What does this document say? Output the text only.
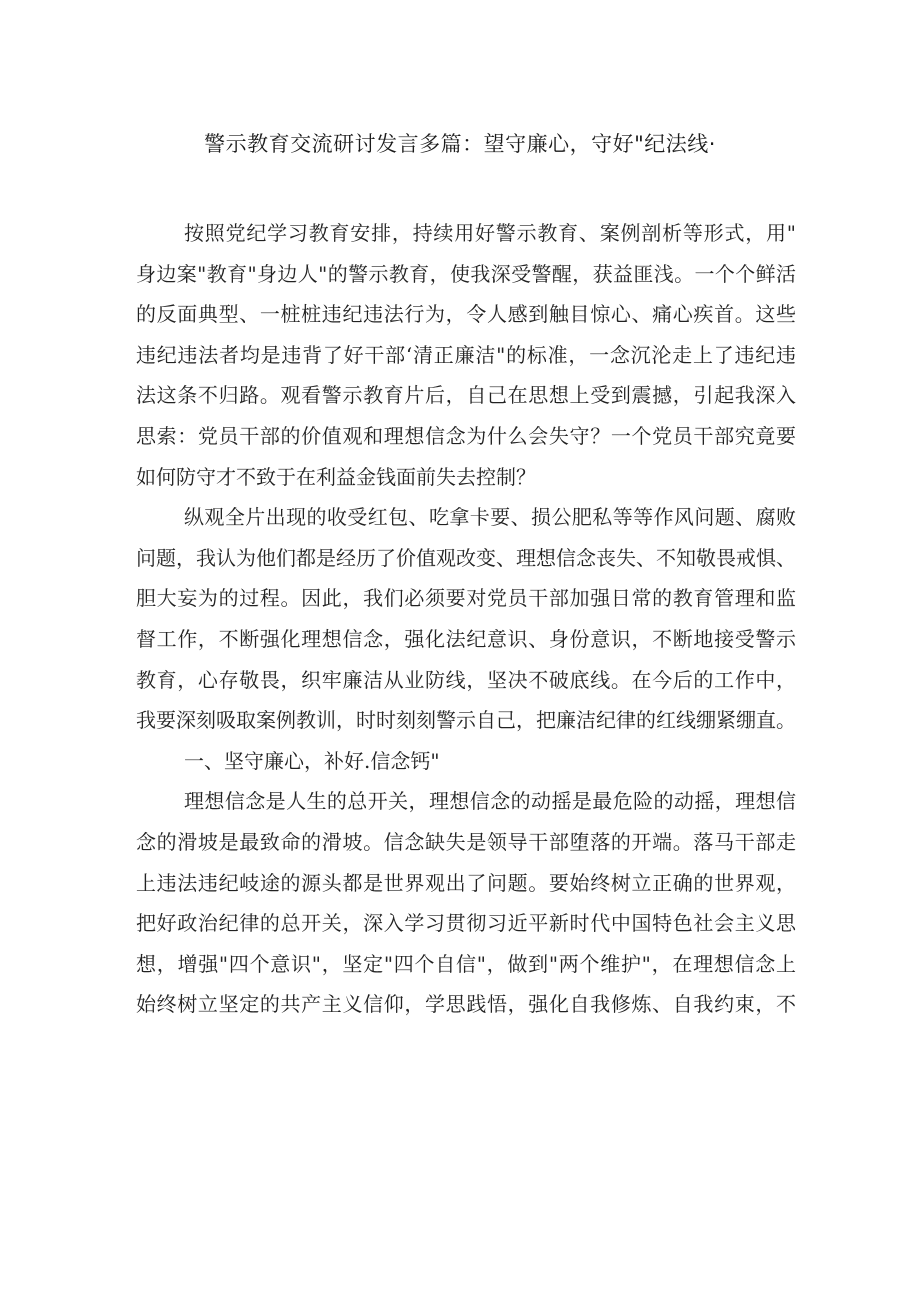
警示教育交流研讨发言多篇：望守廉心，守好"纪法线·
按照党纪学习教育安排，持续用好警示教育、案例剖析等形式，用"
身边案"教育"身边人"的警示教育，使我深受警醒，获益匪浅。一个个鲜活
的反面典型、一桩桩违纪违法行为，令人感到触目惊心、痛心疾首。这些
违纪违法者均是违背了好干部‘清正廉洁"的标准，一念沉沦走上了违纪违
法这条不归路。观看警示教育片后，自己在思想上受到震撼，引起我深入
思索：党员干部的价值观和理想信念为什么会失守？一个党员干部究竟要
如何防守才不致于在利益金钱面前失去控制？
纵观全片出现的收受红包、吃拿卡要、损公肥私等等作风问题、腐败
问题，我认为他们都是经历了价值观改变、理想信念丧失、不知敬畏戒惧、
胆大妄为的过程。因此，我们必须要对党员干部加强日常的教育管理和监
督工作，不断强化理想信念，强化法纪意识、身份意识，不断地接受警示
教育，心存敬畏，织牢廉洁从业防线，坚决不破底线。在今后的工作中，
我要深刻吸取案例教训，时时刻刻警示自己，把廉洁纪律的红线绷紧绷直。
一、坚守廉心，补好.信念钙"
理想信念是人生的总开关，理想信念的动摇是最危险的动摇，理想信
念的滑坡是最致命的滑坡。信念缺失是领导干部堕落的开端。落马干部走
上违法违纪岐途的源头都是世界观出了问题。要始终树立正确的世界观，
把好政治纪律的总开关，深入学习贯彻习近平新时代中国特色社会主义思
想，增强"四个意识"，坚定"四个自信"，做到"两个维护"，在理想信念上
始终树立坚定的共产主义信仰，学思践悟，强化自我修炼、自我约束，不
